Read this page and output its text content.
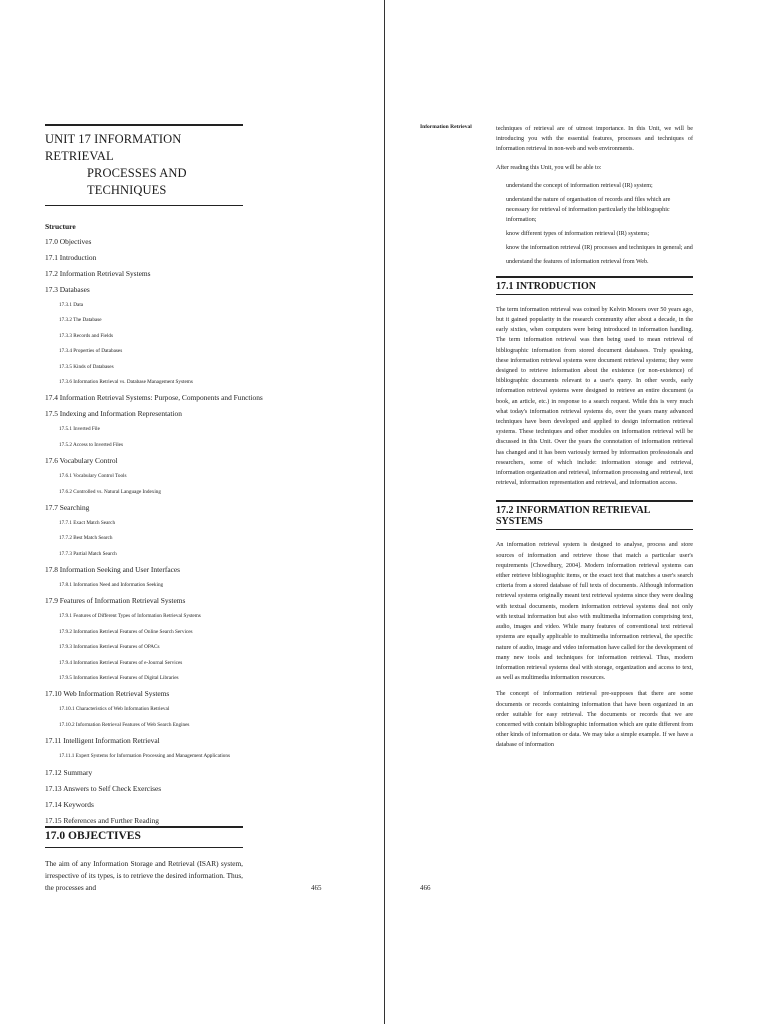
UNIT 17 INFORMATION RETRIEVAL
PROCESSES AND TECHNIQUES
Structure
17.0 Objectives
17.1 Introduction
17.2 Information Retrieval Systems
17.3 Databases
17.3.1 Data
17.3.2 The Database
17.3.3 Records and Fields
17.3.4 Properties of Databases
17.3.5 Kinds of Databases
17.3.6 Information Retrieval vs. Database Management Systems
17.4 Information Retrieval Systems: Purpose, Components and Functions
17.5 Indexing and Information Representation
17.5.1 Inverted File
17.5.2 Access to Inverted Files
17.6 Vocabulary Control
17.6.1 Vocabulary Control Tools
17.6.2 Controlled vs. Natural Language Indexing
17.7 Searching
17.7.1 Exact Match Search
17.7.2 Best Match Search
17.7.3 Partial Match Search
17.8 Information Seeking and User Interfaces
17.8.1 Information Need and Information Seeking
17.9 Features of Information Retrieval Systems
17.9.1 Features of Different Types of Information Retrieval Systems
17.9.2 Information Retrieval Features of Online Search Services
17.9.3 Information Retrieval Features of OPACs
17.9.4 Information Retrieval Features of e-Journal Services
17.9.5 Information Retrieval Features of Digital Libraries
17.10 Web Information Retrieval Systems
17.10.1 Characteristics of Web Information Retrieval
17.10.2 Information Retrieval Features of Web Search Engines
17.11 Intelligent Information Retrieval
17.11.1 Expert Systems for Information Processing and Management Applications
17.12 Summary
17.13 Answers to Self Check Exercises
17.14 Keywords
17.15 References and Further Reading
17.0 OBJECTIVES
The aim of any Information Storage and Retrieval (ISAR) system, irrespective of its types, is to retrieve the desired information. Thus, the processes and	465
Information Retrieval	techniques of retrieval are of utmost importance. In this Unit, we will be introducing you with the essential features, processes and techniques of information retrieval in non-web and web environments.

After reading this Unit, you will be able to:

understand the concept of information retrieval (IR) system;

understand the nature of organisation of records and files which are necessary for retrieval of information particularly the bibliographic information;

know different types of information retrieval (IR) systems;

know the information retrieval (IR) processes and techniques in general; and

understand the features of information retrieval from Web.

17.1 INTRODUCTION

The term information retrieval was coined by Kelvin Mooers over 50 years ago, but it gained popularity in the research community after about a decade, in the early sixties, when computers were being introduced in information handling. The term information retrieval was then being used to mean retrieval of bibliographic information from stored document databases. Truly speaking, these information retrieval systems were document retrieval systems; they were designed to retrieve information about the existence (or non-existence) of bibliographic documents relevant to a user's query. In other words, early information retrieval systems were designed to retrieve an entire document (a book, an article, etc.) in response to a search request. While this is very much what today's information retrieval systems do, over the years many advanced techniques have been developed and applied to design information retrieval systems. These techniques and other modules on information retrieval will be discussed in this Unit. Over the years the connotation of information retrieval has changed and it has been variously termed by information professionals and researchers, some of which include: information storage and retrieval, information organization and retrieval, information processing and retrieval, text retrieval, information representation and retrieval, and information access.

17.2 INFORMATION RETRIEVAL SYSTEMS

An information retrieval system is designed to analyse, process and store sources of information and retrieve those that match a particular user's requirements [Chowdhury, 2004]. Modern information retrieval systems can either retrieve bibliographic items, or the exact text that matches a user's search criteria from a stored database of full texts of documents. Although information retrieval systems originally meant text retrieval systems since they were dealing with textual documents, modern information retrieval systems deal not only with textual information but also with multimedia information comprising text, audio, images and video. While many features of conventional text retrieval systems are equally applicable to multimedia information retrieval, the specific nature of audio, image and video information have called for the development of many new tools and techniques for information retrieval. Thus, modern information retrieval systems deal with storage, organization and access to text, as well as multimedia information resources.

The concept of information retrieval pre-supposes that there are some documents or records containing information that have been organized in an order suitable for easy retrieval. The documents or records that we are concerned with contain bibliographic information which are quite different from other kinds of information or data. We may take a simple example. If we have a database of information

466
